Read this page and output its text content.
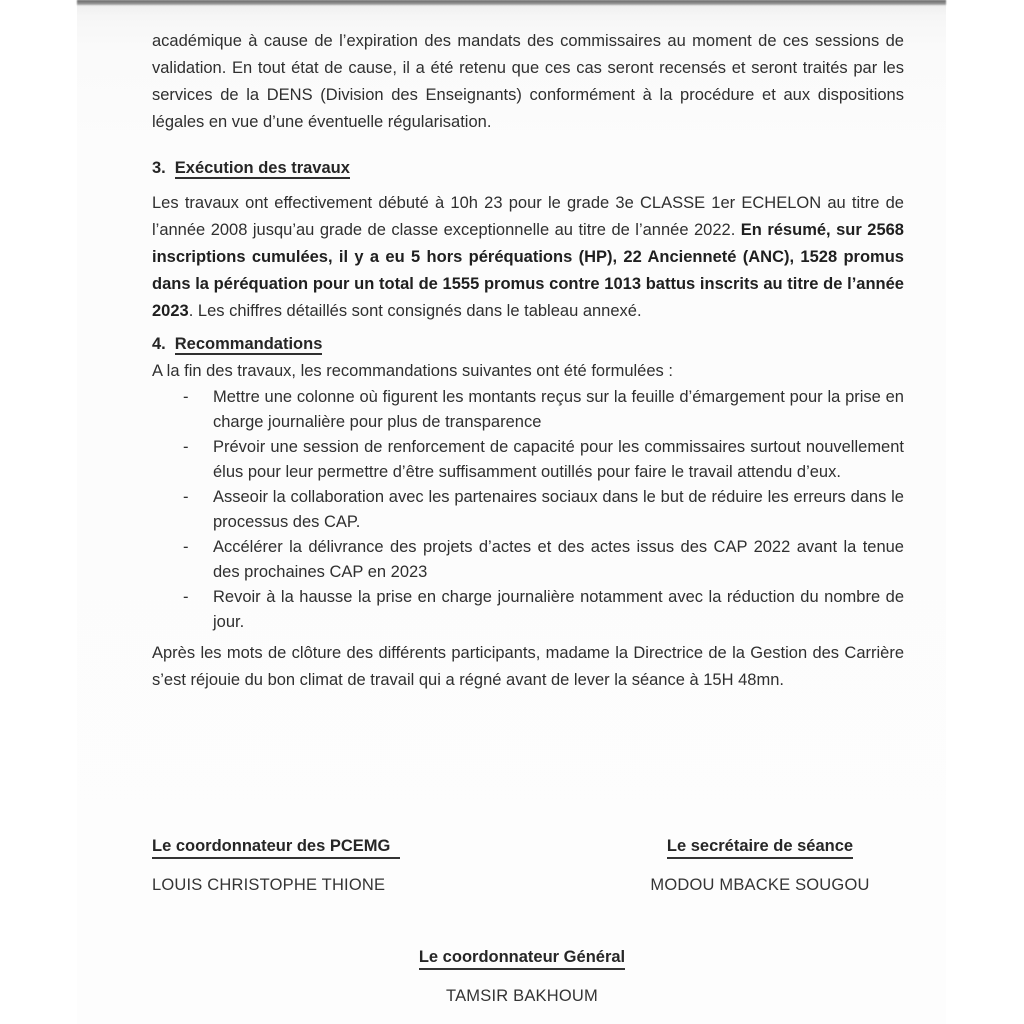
académique à cause de l’expiration des mandats des commissaires au moment de ces sessions de validation. En tout état de cause, il a été retenu que ces cas seront recensés et seront traités par les services de la DENS (Division des Enseignants) conformément à la procédure et aux dispositions légales en vue d’une éventuelle régularisation.

3. Exécution des travaux

Les travaux ont effectivement débuté à 10h 23 pour le grade 3e CLASSE 1er ECHELON au titre de l’année 2008 jusqu’au grade de classe exceptionnelle au titre de l’année 2022. En résumé, sur 2568 inscriptions cumulées, il y a eu 5 hors péréquations (HP), 22 Ancienneté (ANC), 1528 promus dans la péréquation pour un total de 1555 promus contre 1013 battus inscrits au titre de l’année 2023. Les chiffres détaillés sont consignés dans le tableau annexé.

4. Recommandations

A la fin des travaux, les recommandations suivantes ont été formulées :

- Mettre une colonne où figurent les montants reçus sur la feuille d’émargement pour la prise en charge journalière pour plus de transparence
- Prévoir une session de renforcement de capacité pour les commissaires surtout nouvellement élus pour leur permettre d’être suffisamment outillés pour faire le travail attendu d’eux.
- Asseoir la collaboration avec les partenaires sociaux dans le but de réduire les erreurs dans le processus des CAP.
- Accélérer la délivrance des projets d’actes et des actes issus des CAP 2022 avant la tenue des prochaines CAP en 2023
- Revoir à la hausse la prise en charge journalière notamment avec la réduction du nombre de jour.

Après les mots de clôture des différents participants, madame la Directrice de la Gestion des Carrière s’est réjouie du bon climat de travail qui a régné avant de lever la séance à 15H 48mn.

Le coordonnateur des PCEMG
LOUIS CHRISTOPHE THIONE
Le secrétaire de séance
MODOU MBACKE SOUGOU
Le coordonnateur Général
TAMSIR BAKHOUM
